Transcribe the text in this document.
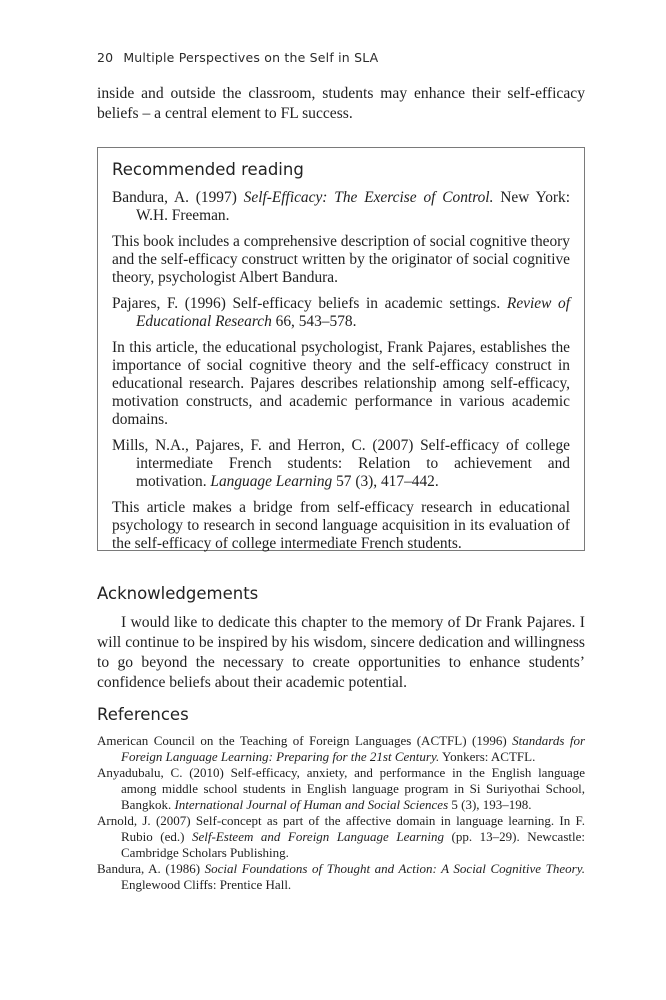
20 Multiple Perspectives on the Self in SLA

inside and outside the classroom, students may enhance their self-efficacy beliefs – a central element to FL success.

Recommended reading

Bandura, A. (1997) Self-Efficacy: The Exercise of Control. New York: W.H. Freeman.

This book includes a comprehensive description of social cognitive theory and the self-efficacy construct written by the originator of social cognitive theory, psychologist Albert Bandura.

Pajares, F. (1996) Self-efficacy beliefs in academic settings. Review of Educational Research 66, 543–578.

In this article, the educational psychologist, Frank Pajares, establishes the importance of social cognitive theory and the self-efficacy construct in educational research. Pajares describes relationship among self-efficacy, motivation constructs, and academic performance in various academic domains.

Mills, N.A., Pajares, F. and Herron, C. (2007) Self-efficacy of college intermediate French students: Relation to achievement and motivation. Language Learning 57 (3), 417–442.

This article makes a bridge from self-efficacy research in educational psychology to research in second language acquisition in its evaluation of the self-efficacy of college intermediate French students.

Acknowledgements

I would like to dedicate this chapter to the memory of Dr Frank Pajares. I will continue to be inspired by his wisdom, sincere dedication and willingness to go beyond the necessary to create opportunities to enhance students’ confidence beliefs about their academic potential.

References

American Council on the Teaching of Foreign Languages (ACTFL) (1996) Standards for Foreign Language Learning: Preparing for the 21st Century. Yonkers: ACTFL.

Anyadubalu, C. (2010) Self-efficacy, anxiety, and performance in the English language among middle school students in English language program in Si Suriyothai School, Bangkok. International Journal of Human and Social Sciences 5 (3), 193–198.

Arnold, J. (2007) Self-concept as part of the affective domain in language learning. In F. Rubio (ed.) Self-Esteem and Foreign Language Learning (pp. 13–29). Newcastle: Cambridge Scholars Publishing.

Bandura, A. (1986) Social Foundations of Thought and Action: A Social Cognitive Theory. Englewood Cliffs: Prentice Hall.
